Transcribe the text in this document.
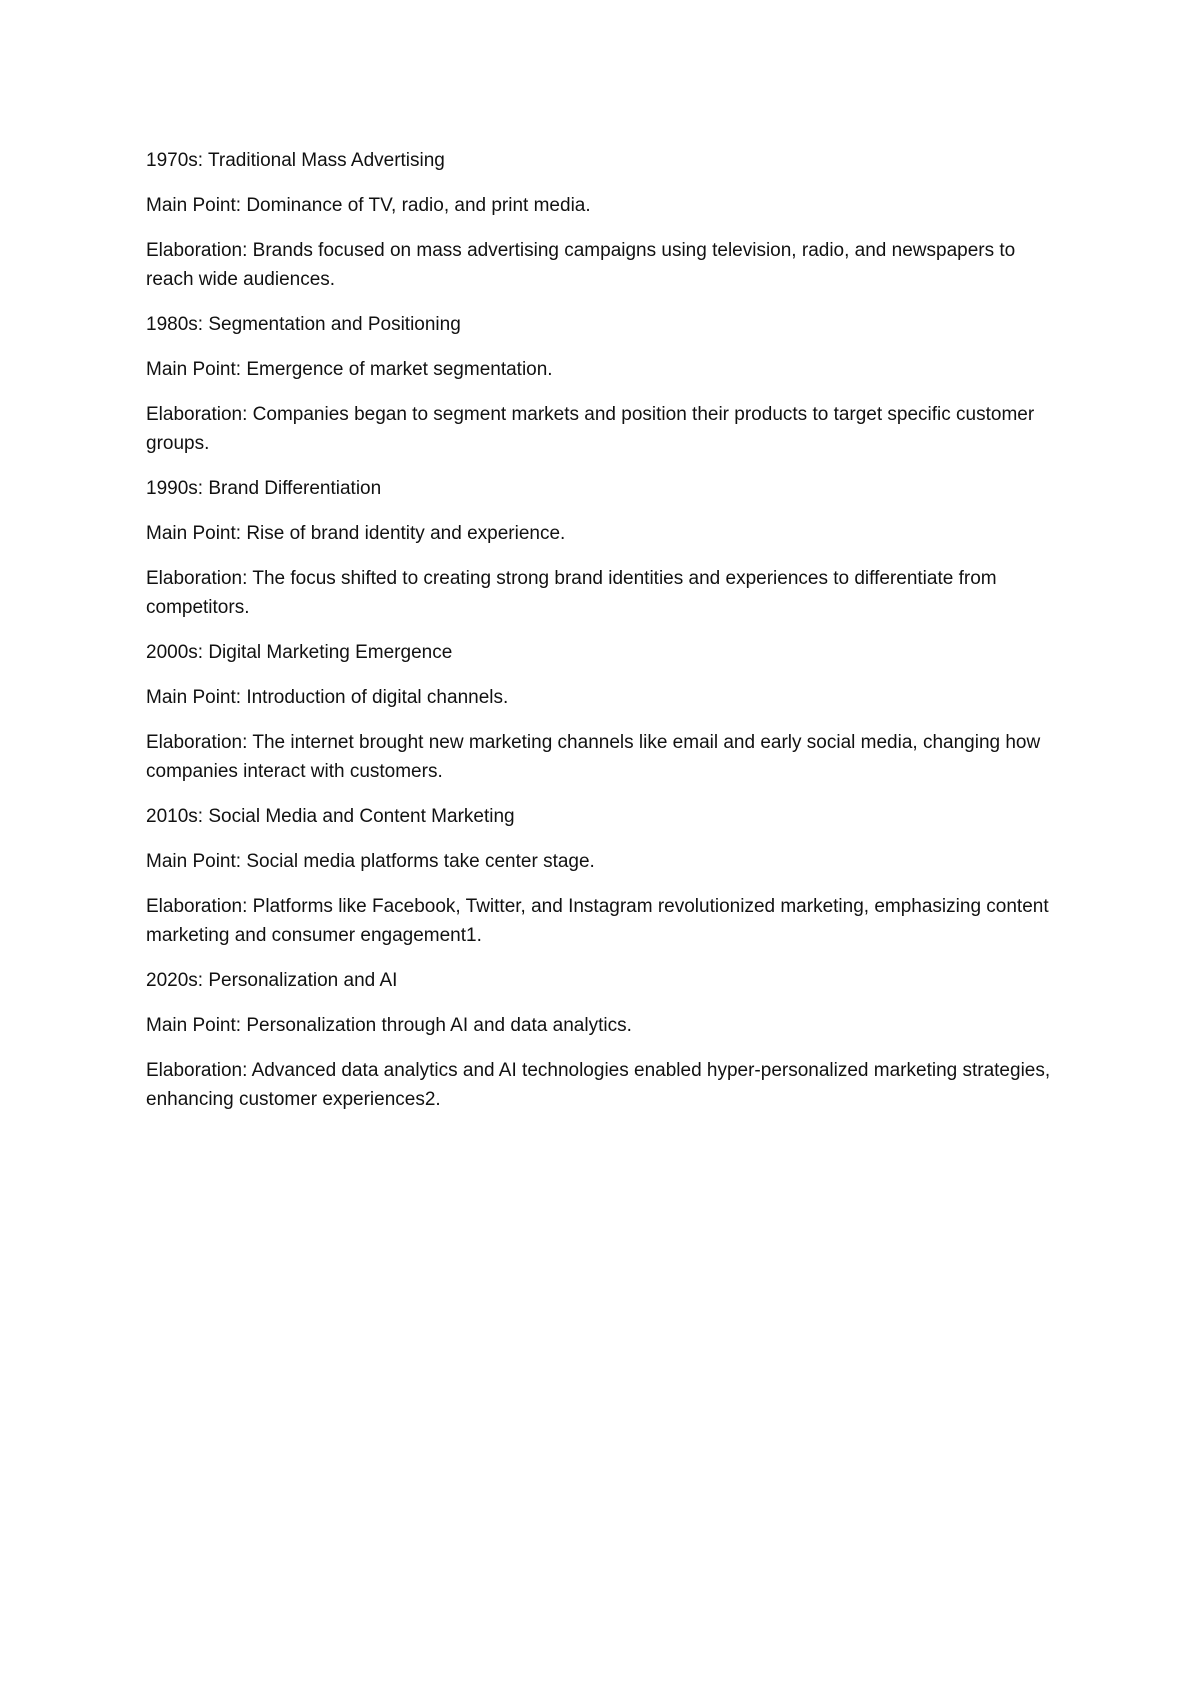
1970s: Traditional Mass Advertising

Main Point: Dominance of TV, radio, and print media.

Elaboration: Brands focused on mass advertising campaigns using television, radio, and newspapers to reach wide audiences.

1980s: Segmentation and Positioning

Main Point: Emergence of market segmentation.

Elaboration: Companies began to segment markets and position their products to target specific customer groups.

1990s: Brand Differentiation

Main Point: Rise of brand identity and experience.

Elaboration: The focus shifted to creating strong brand identities and experiences to differentiate from competitors.

2000s: Digital Marketing Emergence

Main Point: Introduction of digital channels.

Elaboration: The internet brought new marketing channels like email and early social media, changing how companies interact with customers.

2010s: Social Media and Content Marketing

Main Point: Social media platforms take center stage.

Elaboration: Platforms like Facebook, Twitter, and Instagram revolutionized marketing, emphasizing content marketing and consumer engagement1.

2020s: Personalization and AI

Main Point: Personalization through AI and data analytics.

Elaboration: Advanced data analytics and AI technologies enabled hyper-personalized marketing strategies, enhancing customer experiences2.
